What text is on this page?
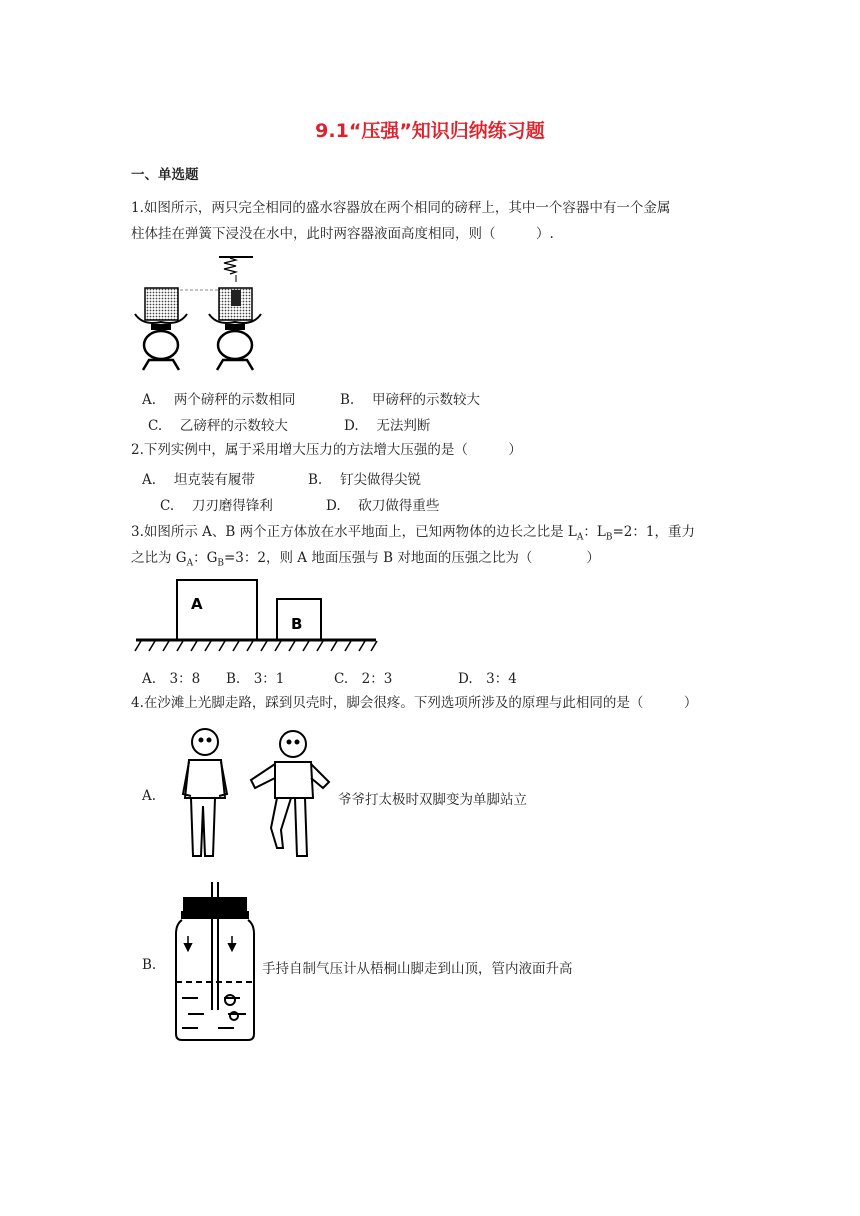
9.1“压强”知识归纳练习题
一、单选题
1.如图所示，两只完全相同的盛水容器放在两个相同的磅秤上，其中一个容器中有一个金属
柱体挂在弹簧下浸没在水中，此时两容器液面高度相同，则（　　　）.
A.　 两个磅秤的示数相同	B.　 甲磅秤的示数较大
C.　 乙磅秤的示数较大	D.　 无法判断
2.下列实例中，属于采用增大压力的方法增大压强的是（　　　）
A.　 坦克装有履带	B.　 钉尖做得尖锐
C.　 刀刃磨得锋利	D.　 砍刀做得重些
3.如图所示 A、B 两个正方体放在水平地面上，已知两物体的边长之比是 $L_A$：$L_B=2$：1，重力
之比为 $G_A$：$G_B=3$：2，则 A 地面压强与 B 对地面的压强之比为（　　　　）
A
B
A.　3：8 B.　3：1	C.　2：3	D.　3：4
4.在沙滩上光脚走路，踩到贝壳时，脚会很疼。下列选项所涉及的原理与此相同的是（　　　）
A.	爷爷打太极时双脚变为单脚站立
B.	手持自制气压计从梧桐山脚走到山顶，管内液面升高
